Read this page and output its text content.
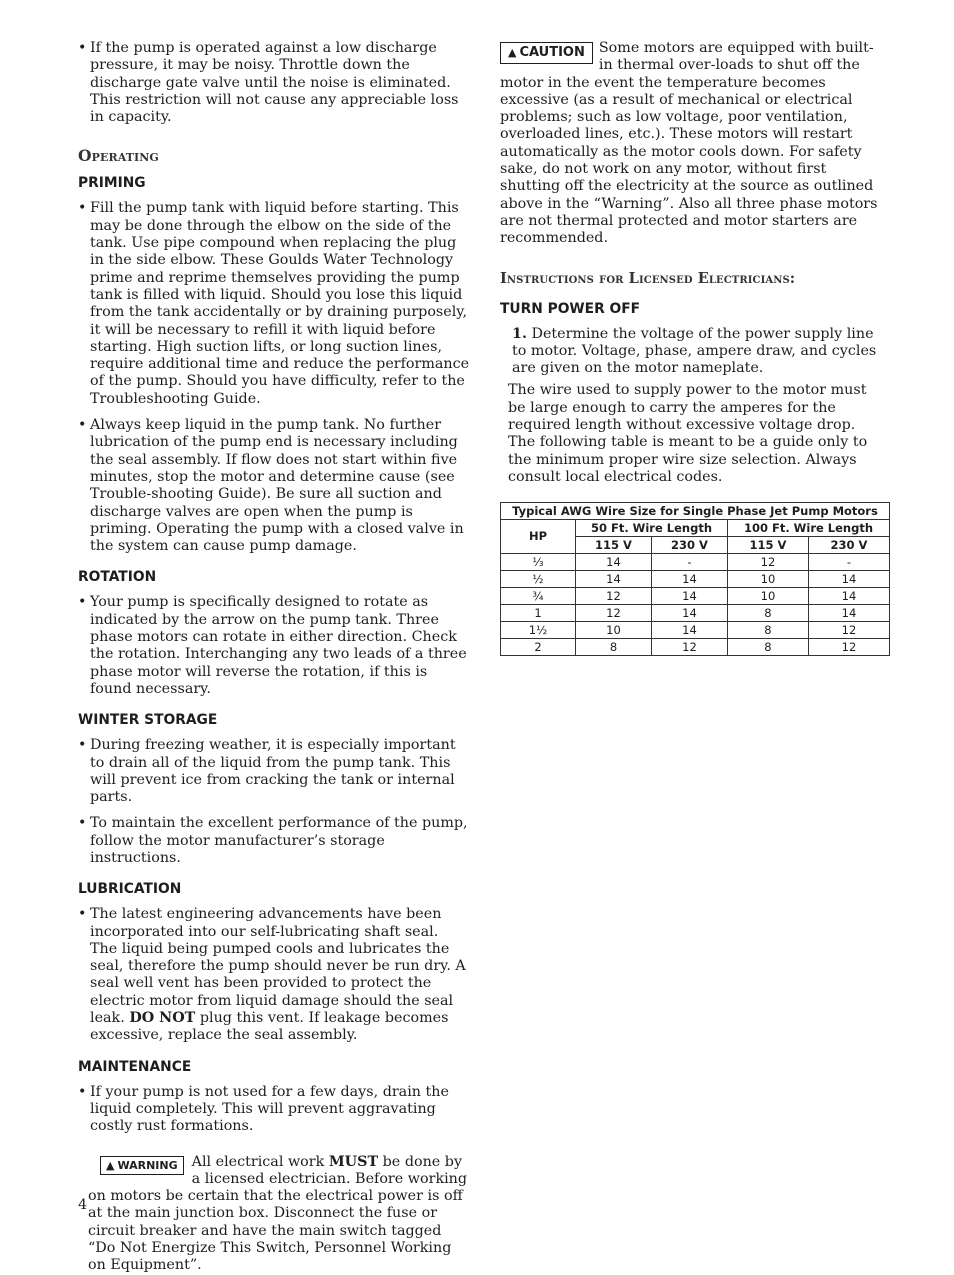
• If the pump is operated against a low discharge pressure, it may be noisy. Throttle down the discharge gate valve until the noise is eliminated. This restriction will not cause any appreciable loss in capacity.

Operating
PRIMING

• Fill the pump tank with liquid before starting. This may be done through the elbow on the side of the tank. Use pipe compound when replacing the plug in the side elbow. These Goulds Water Technology prime and reprime themselves providing the pump tank is filled with liquid. Should you lose this liquid from the tank accidentally or by draining purposely, it will be necessary to refill it with liquid before starting. High suction lifts, or long suction lines, require additional time and reduce the performance of the pump. Should you have difficulty, refer to the Troubleshooting Guide.

• Always keep liquid in the pump tank. No further lubrication of the pump end is necessary including the seal assembly. If flow does not start within five minutes, stop the motor and determine cause (see Trouble-shooting Guide). Be sure all suction and discharge valves are open when the pump is priming. Operating the pump with a closed valve in the system can cause pump damage.

ROTATION

• Your pump is specifically designed to rotate as indicated by the arrow on the pump tank. Three phase motors can rotate in either direction. Check the rotation. Interchanging any two leads of a three phase motor will reverse the rotation, if this is found necessary.

WINTER STORAGE

• During freezing weather, it is especially important to drain all of the liquid from the pump tank. This will prevent ice from cracking the tank or internal parts.

• To maintain the excellent performance of the pump, follow the motor manufacturer’s storage instructions.

LUBRICATION

• The latest engineering advancements have been incorporated into our self-lubricating shaft seal. The liquid being pumped cools and lubricates the seal, therefore the pump should never be run dry. A seal well vent has been provided to protect the electric motor from liquid damage should the seal leak. DO NOT plug this vent. If leakage becomes excessive, replace the seal assembly.

MAINTENANCE

• If your pump is not used for a few days, drain the liquid completely. This will prevent aggravating costly rust formations.

▲ WARNING All electrical work MUST be done by a licensed electrician. Before working on motors be certain that the electrical power is off at the main junction box. Disconnect the fuse or circuit breaker and have the main switch tagged “Do Not Energize This Switch, Personnel Working on Equipment”.

▲ CAUTION Some motors are equipped with built-in thermal over-loads to shut off the motor in the event the temperature becomes excessive (as a result of mechanical or electrical problems; such as low voltage, poor ventilation, overloaded lines, etc.). These motors will restart automatically as the motor cools down. For safety sake, do not work on any motor, without first shutting off the electricity at the source as outlined above in the “Warning”. Also all three phase motors are not thermal protected and motor starters are recommended.

Instructions for Licensed Electricians:
TURN POWER OFF

1. Determine the voltage of the power supply line to motor. Voltage, phase, ampere draw, and cycles are given on the motor nameplate.

The wire used to supply power to the motor must be large enough to carry the amperes for the required length without excessive voltage drop. The following table is meant to be a guide only to the minimum proper wire size selection. Always consult local electrical codes.

Typical AWG Wire Size for Single Phase Jet Pump Motors				
HP	50 Ft. Wire Length		100 Ft. Wire Length	
	115 V	230 V	115 V	230 V
⅓	14	-	12	-
½	14	14	10	14
¾	12	14	10	14
1	12	14	8	14
1½	10	14	8	12
2	8	12	8	12
4
